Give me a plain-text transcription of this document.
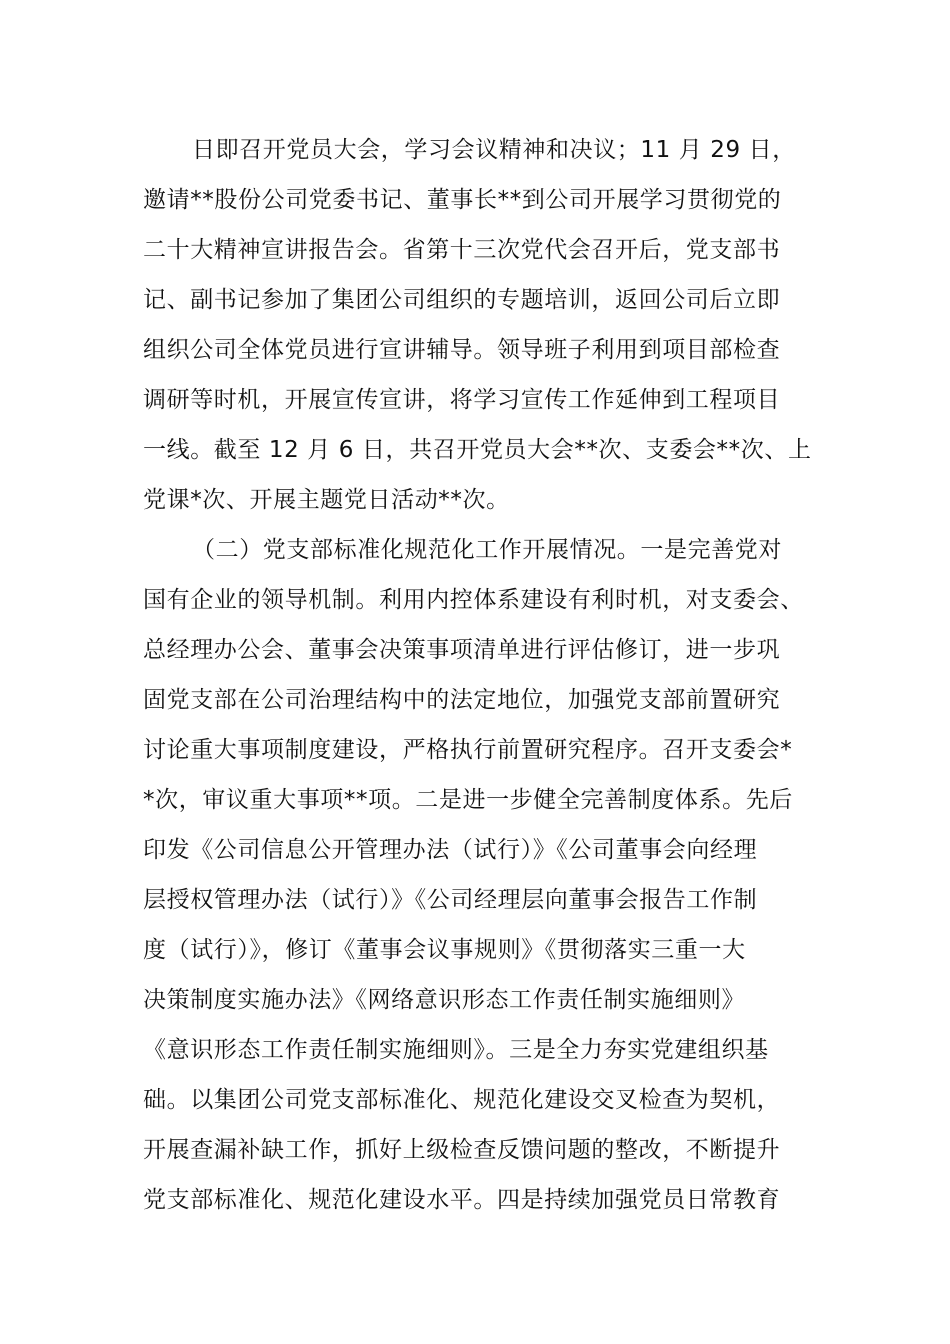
日即召开党员大会，学习会议精神和决议；11 月 29 日，
邀请**股份公司党委书记、董事长**到公司开展学习贯彻党的
二十大精神宣讲报告会。省第十三次党代会召开后，党支部书
记、副书记参加了集团公司组织的专题培训，返回公司后立即
组织公司全体党员进行宣讲辅导。领导班子利用到项目部检查
调研等时机，开展宣传宣讲，将学习宣传工作延伸到工程项目
一线。截至 12 月 6 日，共召开党员大会**次、支委会**次、上
党课*次、开展主题党日活动**次。
（二）党支部标准化规范化工作开展情况。一是完善党对
国有企业的领导机制。利用内控体系建设有利时机，对支委会、
总经理办公会、董事会决策事项清单进行评估修订，进一步巩
固党支部在公司治理结构中的法定地位，加强党支部前置研究
讨论重大事项制度建设，严格执行前置研究程序。召开支委会*
*次，审议重大事项**项。二是进一步健全完善制度体系。先后
印发《公司信息公开管理办法（试行）》《公司董事会向经理
层授权管理办法（试行）》《公司经理层向董事会报告工作制
度（试行）》，修订《董事会议事规则》《贯彻落实三重一大
决策制度实施办法》《网络意识形态工作责任制实施细则》
《意识形态工作责任制实施细则》。三是全力夯实党建组织基
础。以集团公司党支部标准化、规范化建设交叉检查为契机，
开展查漏补缺工作，抓好上级检查反馈问题的整改，不断提升
党支部标准化、规范化建设水平。四是持续加强党员日常教育
